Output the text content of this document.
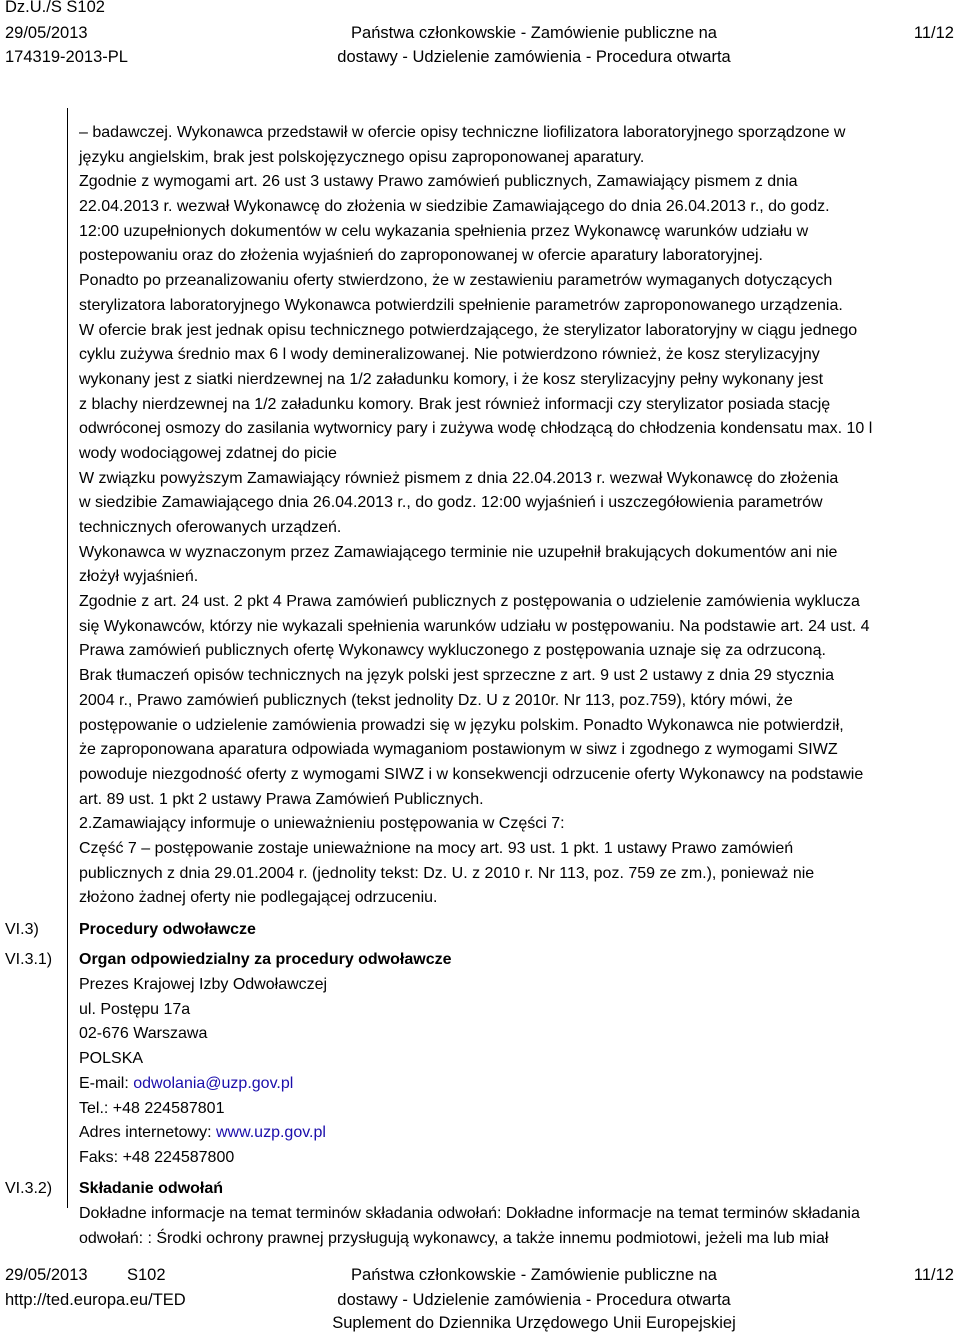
Dz.U./S S102
29/05/2013
174319-2013-PL
Państwa członkowskie - Zamówienie publiczne na
dostawy - Udzielenie zamówienia - Procedura otwarta
11/12
– badawczej. Wykonawca przedstawił w ofercie opisy techniczne liofilizatora laboratoryjnego sporządzone w
języku angielskim, brak jest polskojęzycznego opisu zaproponowanej aparatury.
Zgodnie z wymogami art. 26 ust 3 ustawy Prawo zamówień publicznych, Zamawiający pismem z dnia
22.04.2013 r. wezwał Wykonawcę do złożenia w siedzibie Zamawiającego do dnia 26.04.2013 r., do godz.
12:00 uzupełnionych dokumentów w celu wykazania spełnienia przez Wykonawcę warunków udziału w
postepowaniu oraz do złożenia wyjaśnień do zaproponowanej w ofercie aparatury laboratoryjnej.
Ponadto po przeanalizowaniu oferty stwierdzono, że w zestawieniu parametrów wymaganych dotyczących
sterylizatora laboratoryjnego Wykonawca potwierdzili spełnienie parametrów zaproponowanego urządzenia.
W ofercie brak jest jednak opisu technicznego potwierdzającego, że sterylizator laboratoryjny w ciągu jednego
cyklu zużywa średnio max 6 l wody demineralizowanej. Nie potwierdzono również, że kosz sterylizacyjny
wykonany jest z siatki nierdzewnej na 1/2 załadunku komory, i że kosz sterylizacyjny pełny wykonany jest
z blachy nierdzewnej na 1/2 załadunku komory. Brak jest również informacji czy sterylizator posiada stację
odwróconej osmozy do zasilania wytwornicy pary i zużywa wodę chłodzącą do chłodzenia kondensatu max. 10 l
wody wodociągowej zdatnej do picie
W związku powyższym Zamawiający również pismem z dnia 22.04.2013 r. wezwał Wykonawcę do złożenia
w siedzibie Zamawiającego dnia 26.04.2013 r., do godz. 12:00 wyjaśnień i uszczegółowienia parametrów
technicznych oferowanych urządzeń.
Wykonawca w wyznaczonym przez Zamawiającego terminie nie uzupełnił brakujących dokumentów ani nie
złożył wyjaśnień.
Zgodnie z art. 24 ust. 2 pkt 4 Prawa zamówień publicznych z postępowania o udzielenie zamówienia wyklucza
się Wykonawców, którzy nie wykazali spełnienia warunków udziału w postępowaniu. Na podstawie art. 24 ust. 4
Prawa zamówień publicznych ofertę Wykonawcy wykluczonego z postępowania uznaje się za odrzuconą.
Brak tłumaczeń opisów technicznych na język polski jest sprzeczne z art. 9 ust 2 ustawy z dnia 29 stycznia
2004 r., Prawo zamówień publicznych (tekst jednolity Dz. U z 2010r. Nr 113, poz.759), który mówi, że
postępowanie o udzielenie zamówienia prowadzi się w języku polskim. Ponadto Wykonawca nie potwierdził,
że zaproponowana aparatura odpowiada wymaganiom postawionym w siwz i zgodnego z wymogami SIWZ
powoduje niezgodność oferty z wymogami SIWZ i w konsekwencji odrzucenie oferty Wykonawcy na podstawie
art. 89 ust. 1 pkt 2 ustawy Prawa Zamówień Publicznych.
2.Zamawiający informuje o unieważnieniu postępowania w Części 7:
Część 7 – postępowanie zostaje unieważnione na mocy art. 93 ust. 1 pkt. 1 ustawy Prawo zamówień
publicznych z dnia 29.01.2004 r. (jednolity tekst: Dz. U. z 2010 r. Nr 113, poz. 759 ze zm.), ponieważ nie
złożono żadnej oferty nie podlegającej odrzuceniu.
VI.3)
VI.3.1)
VI.3.2)
Procedury odwoławcze
Organ odpowiedzialny za procedury odwoławcze
Prezes Krajowej Izby Odwoławczej
ul. Postępu 17a
02-676 Warszawa
POLSKA
E-mail: odwolania@uzp.gov.pl
Tel.: +48 224587801
Adres internetowy: www.uzp.gov.pl
Faks: +48 224587800
Składanie odwołań
Dokładne informacje na temat terminów składania odwołań: Dokładne informacje na temat terminów składania
odwołań: : Środki ochrony prawnej przysługują wykonawcy, a także innemu podmiotowi, jeżeli ma lub miał
29/05/2013 S102
http://ted.europa.eu/TED
Państwa członkowskie - Zamówienie publiczne na
dostawy - Udzielenie zamówienia - Procedura otwarta
Suplement do Dziennika Urzędowego Unii Europejskiej
11/12
